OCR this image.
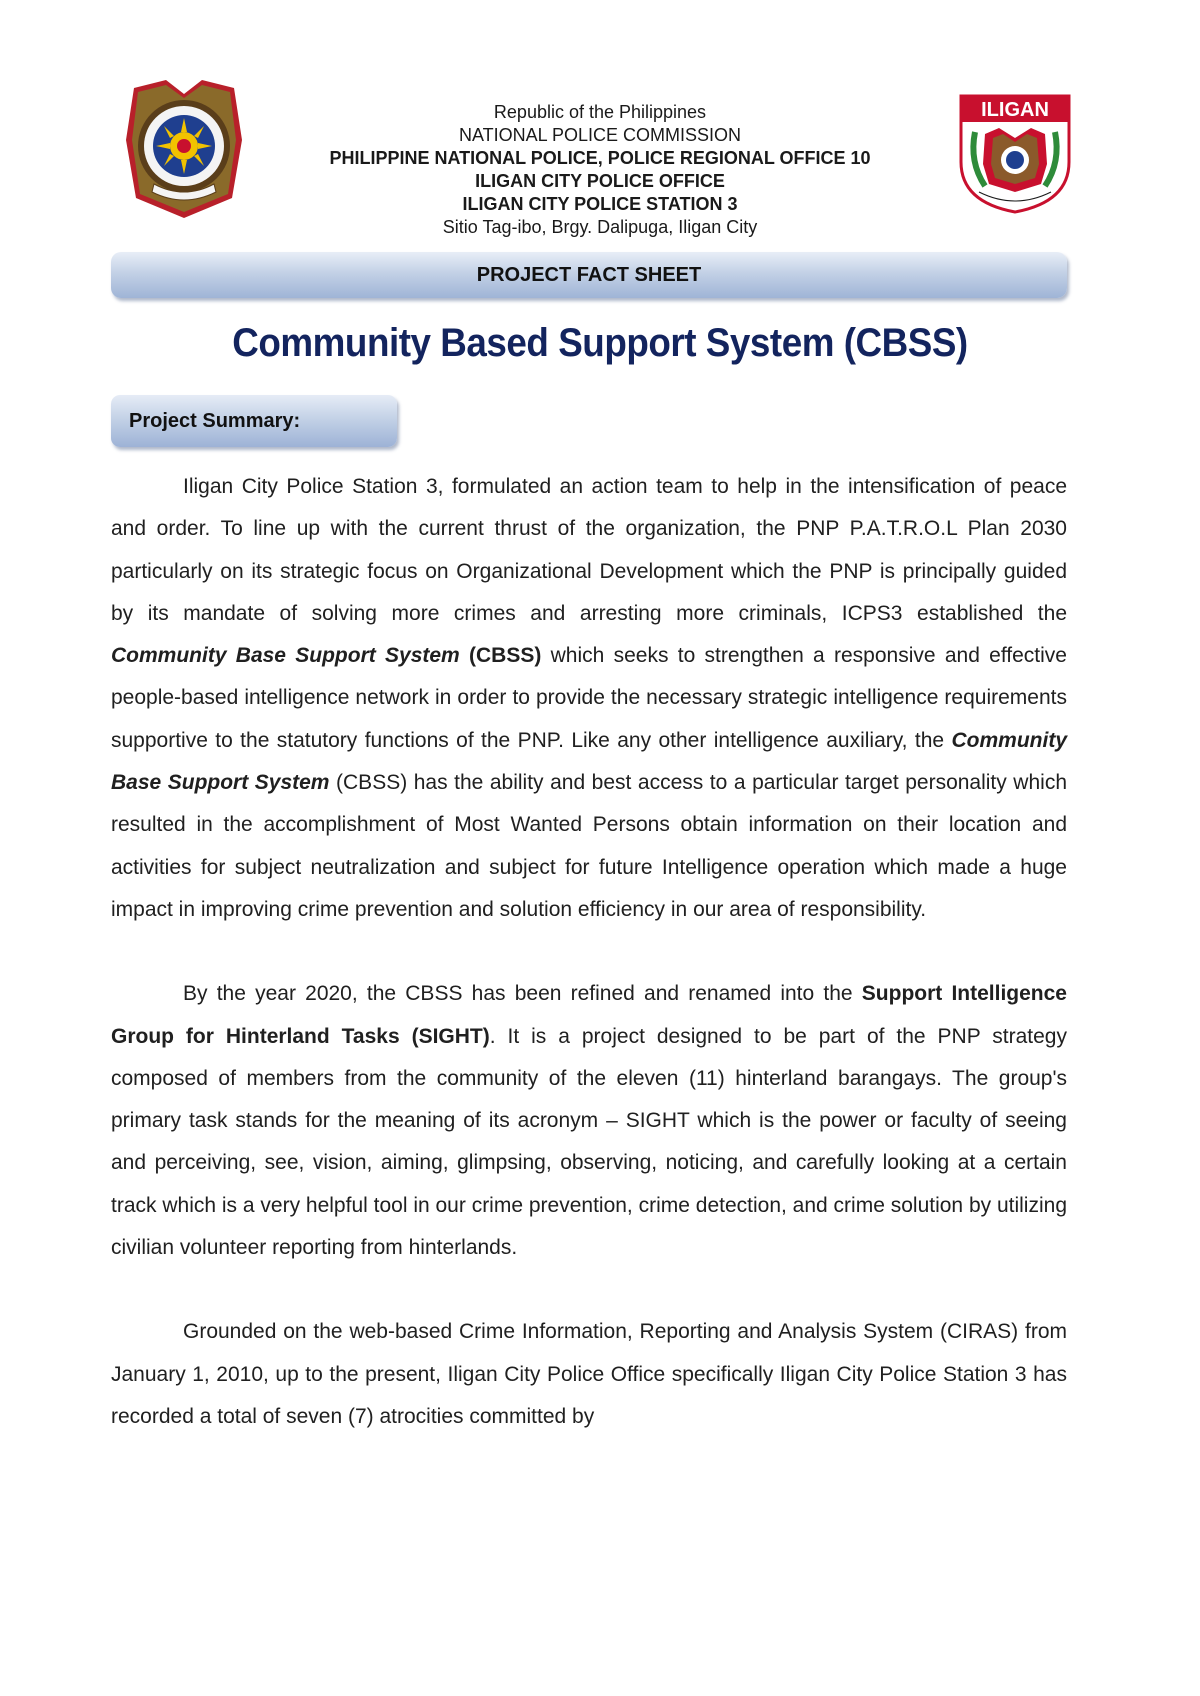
Republic of the Philippines
NATIONAL POLICE COMMISSION
PHILIPPINE NATIONAL POLICE, POLICE REGIONAL OFFICE 10
ILIGAN CITY POLICE OFFICE
ILIGAN CITY POLICE STATION 3
Sitio Tag-ibo, Brgy. Dalipuga, Iligan City
ILIGAN
PROJECT FACT SHEET
Community Based Support System (CBSS)
Project Summary:

Iligan City Police Station 3, formulated an action team to help in the intensification of peace and order. To line up with the current thrust of the organization, the PNP P.A.T.R.O.L Plan 2030 particularly on its strategic focus on Organizational Development which the PNP is principally guided by its mandate of solving more crimes and arresting more criminals, ICPS3 established the Community Base Support System (CBSS) which seeks to strengthen a responsive and effective people-based intelligence network in order to provide the necessary strategic intelligence requirements supportive to the statutory functions of the PNP. Like any other intelligence auxiliary, the Community Base Support System (CBSS) has the ability and best access to a particular target personality which resulted in the accomplishment of Most Wanted Persons obtain information on their location and activities for subject neutralization and subject for future Intelligence operation which made a huge impact in improving crime prevention and solution efficiency in our area of responsibility.

By the year 2020, the CBSS has been refined and renamed into the Support Intelligence Group for Hinterland Tasks (SIGHT). It is a project designed to be part of the PNP strategy composed of members from the community of the eleven (11) hinterland barangays. The group's primary task stands for the meaning of its acronym – SIGHT which is the power or faculty of seeing and perceiving, see, vision, aiming, glimpsing, observing, noticing, and carefully looking at a certain track which is a very helpful tool in our crime prevention, crime detection, and crime solution by utilizing civilian volunteer reporting from hinterlands.

Grounded on the web-based Crime Information, Reporting and Analysis System (CIRAS) from January 1, 2010, up to the present, Iligan City Police Office specifically Iligan City Police Station 3 has recorded a total of seven (7) atrocities committed by
